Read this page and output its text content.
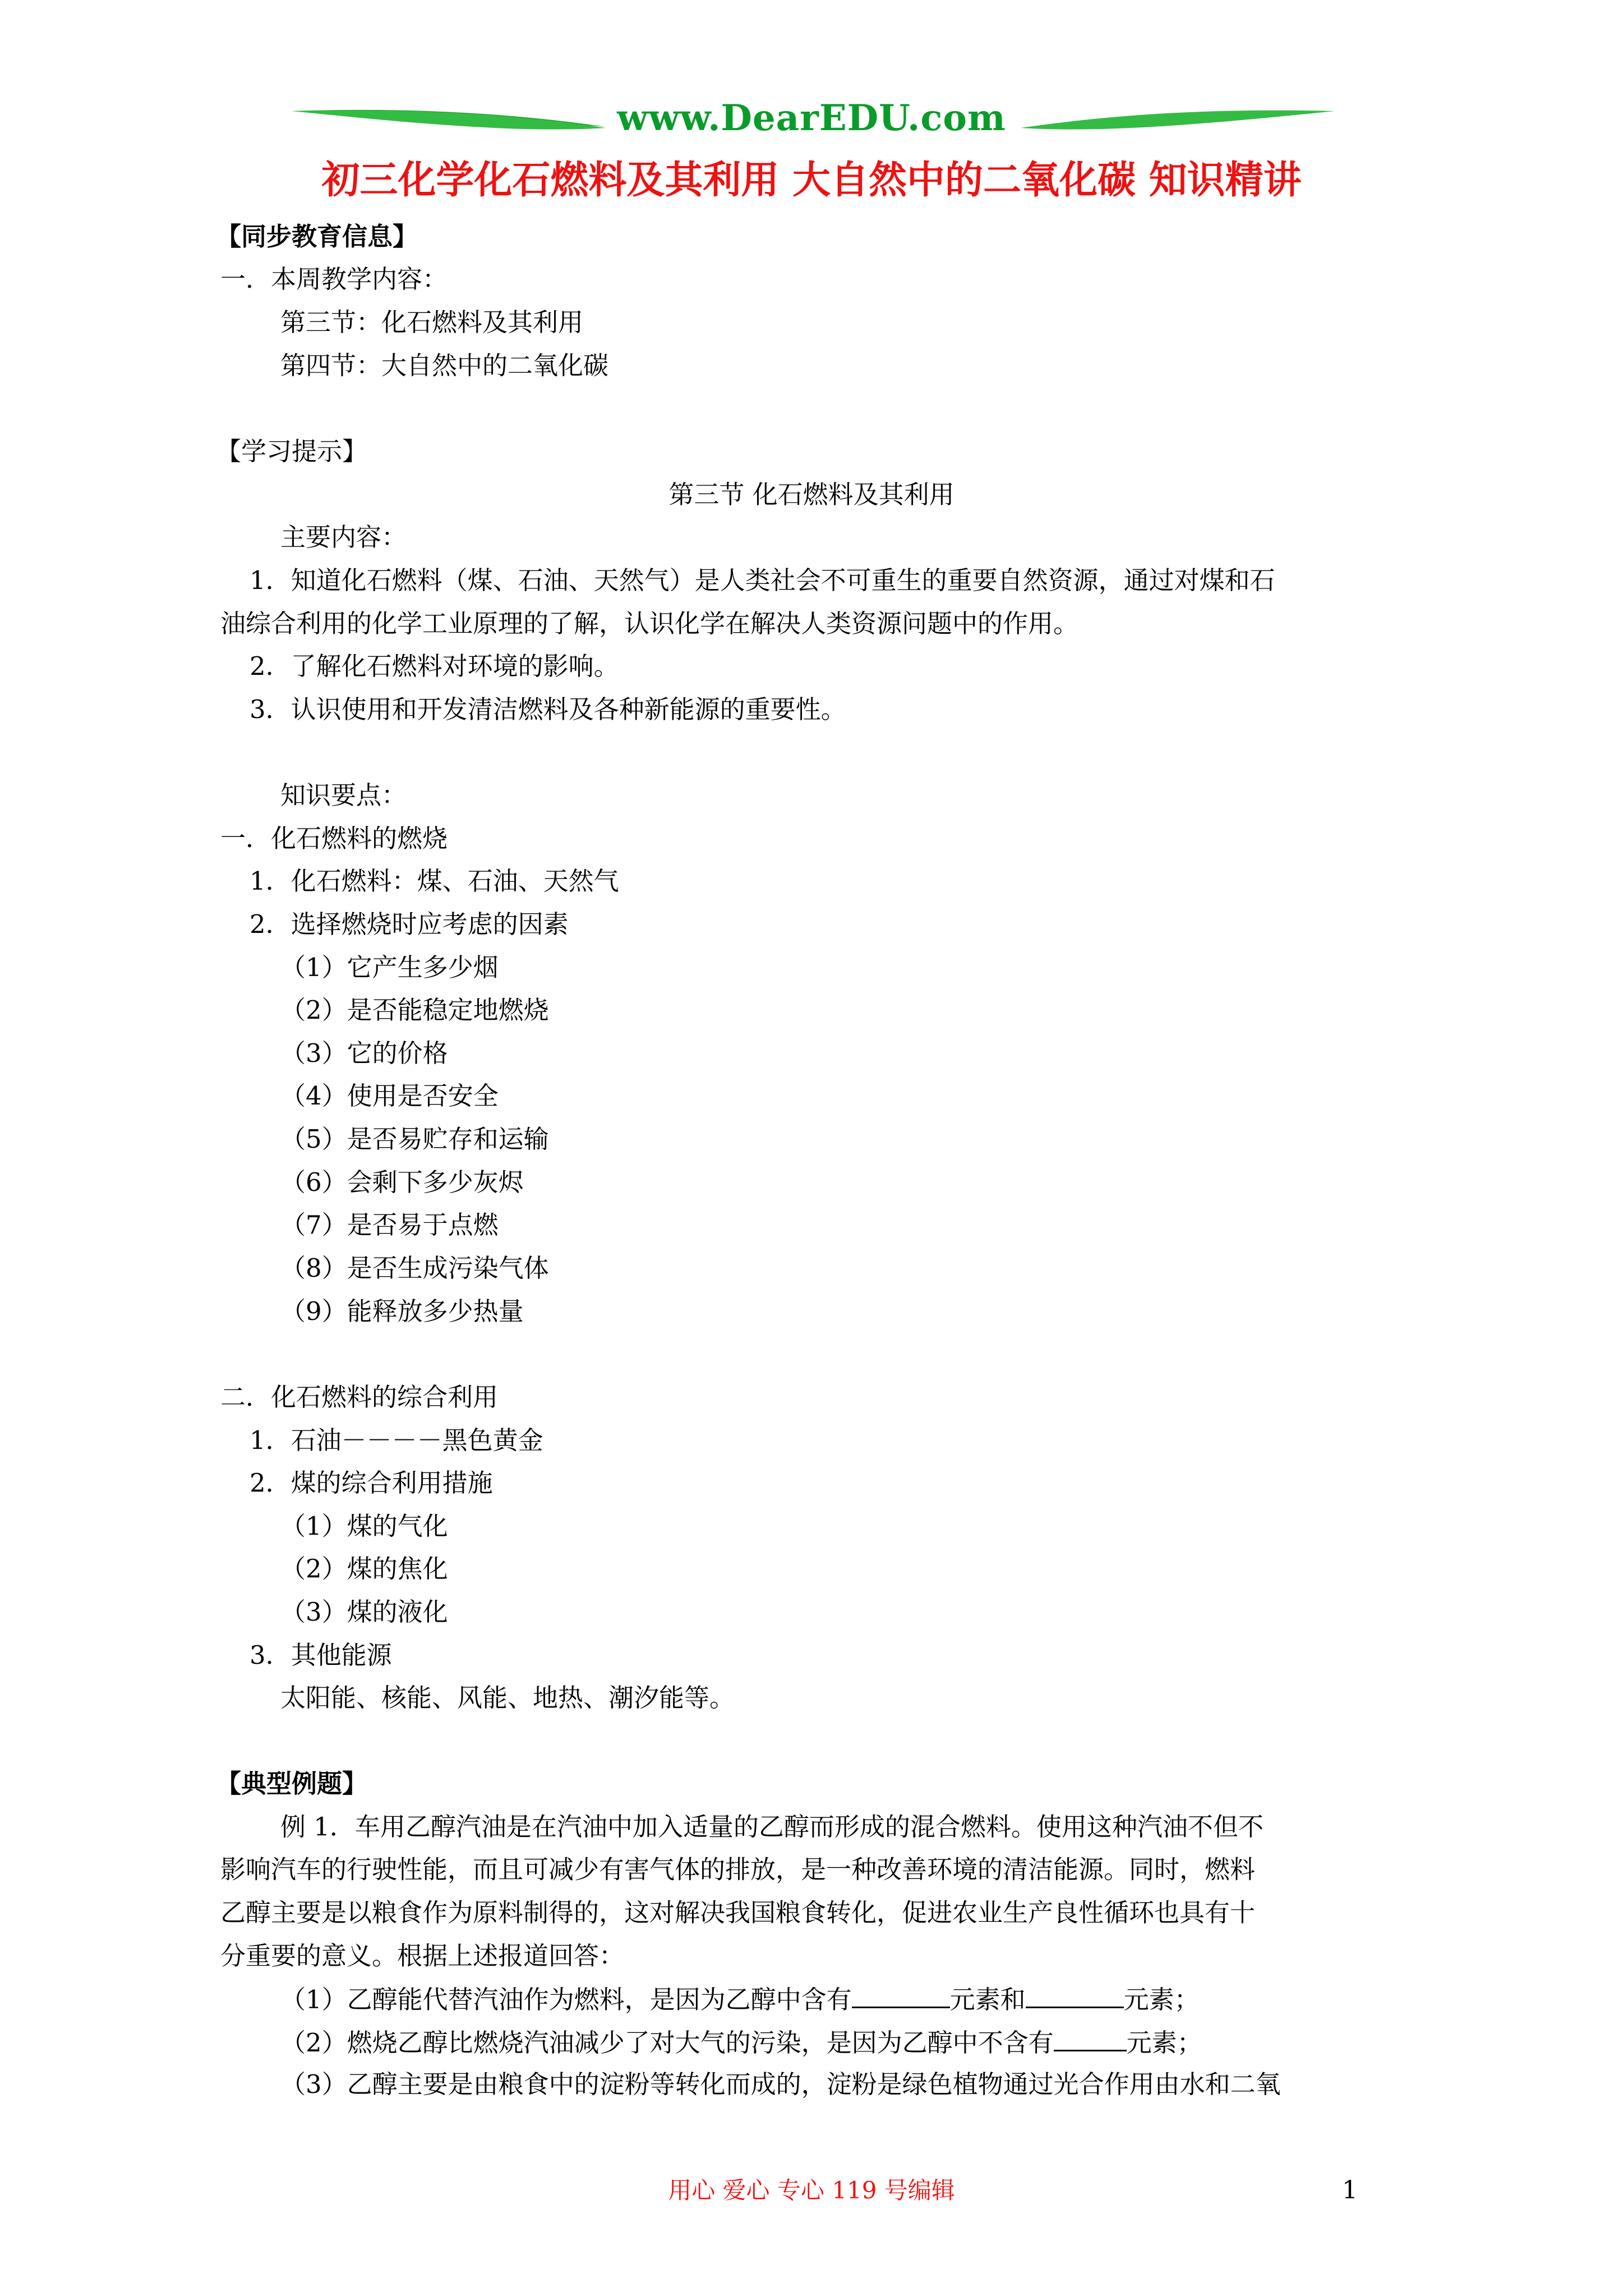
www.DearEDU.com
初三化学化石燃料及其利用 大自然中的二氧化碳 知识精讲
【同步教育信息】
一．本周教学内容：
第三节：化石燃料及其利用
第四节：大自然中的二氧化碳
【学习提示】
第三节 化石燃料及其利用
主要内容：
1．知道化石燃料（煤、石油、天然气）是人类社会不可重生的重要自然资源，通过对煤和石
油综合利用的化学工业原理的了解，认识化学在解决人类资源问题中的作用。
2．了解化石燃料对环境的影响。
3．认识使用和开发清洁燃料及各种新能源的重要性。
知识要点：
一．化石燃料的燃烧
1．化石燃料：煤、石油、天然气
2．选择燃烧时应考虑的因素
（1）它产生多少烟
（2）是否能稳定地燃烧
（3）它的价格
（4）使用是否安全
（5）是否易贮存和运输
（6）会剩下多少灰烬
（7）是否易于点燃
（8）是否生成污染气体
（9）能释放多少热量
二．化石燃料的综合利用
1．石油－－－－黑色黄金
2．煤的综合利用措施
（1）煤的气化
（2）煤的焦化
（3）煤的液化
3．其他能源
太阳能、核能、风能、地热、潮汐能等。
【典型例题】
例 1．车用乙醇汽油是在汽油中加入适量的乙醇而形成的混合燃料。使用这种汽油不但不
影响汽车的行驶性能，而且可减少有害气体的排放，是一种改善环境的清洁能源。同时，燃料
乙醇主要是以粮食作为原料制得的，这对解决我国粮食转化，促进农业生产良性循环也具有十
分重要的意义。根据上述报道回答：
（1）乙醇能代替汽油作为燃料，是因为乙醇中含有	元素和	元素；
（2）燃烧乙醇比燃烧汽油减少了对大气的污染，是因为乙醇中不含有	元素；
（3）乙醇主要是由粮食中的淀粉等转化而成的，淀粉是绿色植物通过光合作用由水和二氧
用心 爱心 专心 119 号编辑	1
